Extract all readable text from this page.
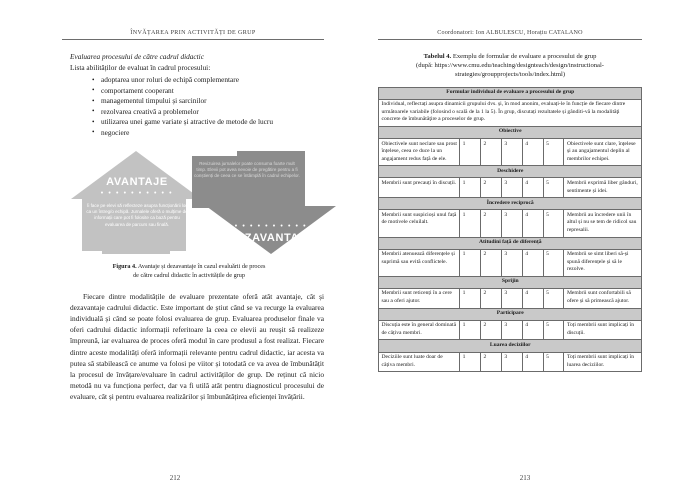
ÎNVĂȚAREA PRIN ACTIVITĂȚI DE GRUP
Evaluarea procesului de către cadrul didactic
Lista abilităților de evaluat în cadrul procesului:
• adoptarea unor roluri de echipă complementare
• comportament cooperant
• managementul timpului și sarcinilor
• rezolvarea creativă a problemelor
• utilizarea unei game variate și atractive de metode de lucru
• negociere
AVANTAJE
• • • • • • • • • •
Îi face pe elevi să reflecteze asupra funcționării lor ca un întreg/o echipă. Jurnalele oferă o mulțime de informații care pot fi folosite ca bază pentru evaluarea de parcurs sau finală.
Revizuirea jurnalelor poate consuma foarte mult timp. Elevii pot avea nevoie de pregătire pentru a fi conștienți de ceea ce se întâmplă în cadrul echipelor.
• • • • • • • • • •
DEZAVANTAJE
Figura 4. Avantaje și dezavantaje în cazul evaluării de proces
de către cadrul didactic în activitățile de grup

Fiecare dintre modalitățile de evaluare prezentate oferă atât avantaje, cât și dezavantaje cadrului didactic. Este important de știut când se va recurge la evaluarea individuală și când se poate folosi evaluarea de grup. Evaluarea produselor finale va oferi cadrului didactic informații referitoare la ceea ce elevii au reușit să realizeze împreună, iar evaluarea de proces oferă modul în care produsul a fost realizat. Fiecare dintre aceste modalități oferă informații relevante pentru cadrul didactic, iar acesta va putea să stabilească ce anume va folosi pe viitor și totodată ce va avea de îmbunătățit la procesul de învățare/evaluare în cadrul activităților de grup. De reținut că nicio metodă nu va funcționa perfect, dar va fi utilă atât pentru diagnosticul procesului de evaluare, cât și pentru evaluarea realizărilor și îmbunătățirea eficienței învățării.

212
Coordonatori: Ion ALBULESCU, Horațiu CATALANO
Tabelul 4. Exemplu de formular de evaluare a procesului de grup
(după: https://www.cmu.edu/teaching/designteach/design/instructional-
strategies/groupprojects/tools/index.html)
Formular individual de evaluare a procesului de grup						
Individual, reflectați asupra dinamicii grupului dvs. și, în mod anonim, evaluați-le în funcție de fiecare dintre următoarele variabile (folosind o scală de la 1 la 5). În grup, discutați rezultatele și gânditi-vă la modalităţi concrete de îmbunătăţire a proceselor de grup.						
Obiective						
Obiectivele sunt neclare sau prost înțelese, ceea ce duce la un angajament redus față de ele.	1	2	3	4	5	Obiectivele sunt clare, înțelese și au angajamentul deplin al membrilor echipei.
Deschidere						
Membrii sunt precauți în discuții.	1	2	3	4	5	Membrii exprimă liber gânduri, sentimente și idei.
Încredere reciprocă						
Membrii sunt suspicioși unul față de motivele celuilalt.	1	2	3	4	5	Membrii au încredere unii în altul și nu se tem de ridicol sau represalii.
Atitudini față de diferență						
Membrii atenuează diferențele și suprimă sau evită conflictele.	1	2	3	4	5	Membrii se simt liberi să-și spună diferențele și să le rezolve.
Sprijin						
Membrii sunt reticenți în a cere sau a oferi ajutor.	1	2	3	4	5	Membrii sunt confortabili să ofere și să primească ajutor.
Participare						
Discuția este în general dominată de câțiva membri.	1	2	3	4	5	Toți membrii sunt implicați în discuții.
Luarea deciziilor						
Deciziile sunt luate doar de câțiva membri.	1	2	3	4	5	Toți membrii sunt implicați în luarea deciziilor.
213
